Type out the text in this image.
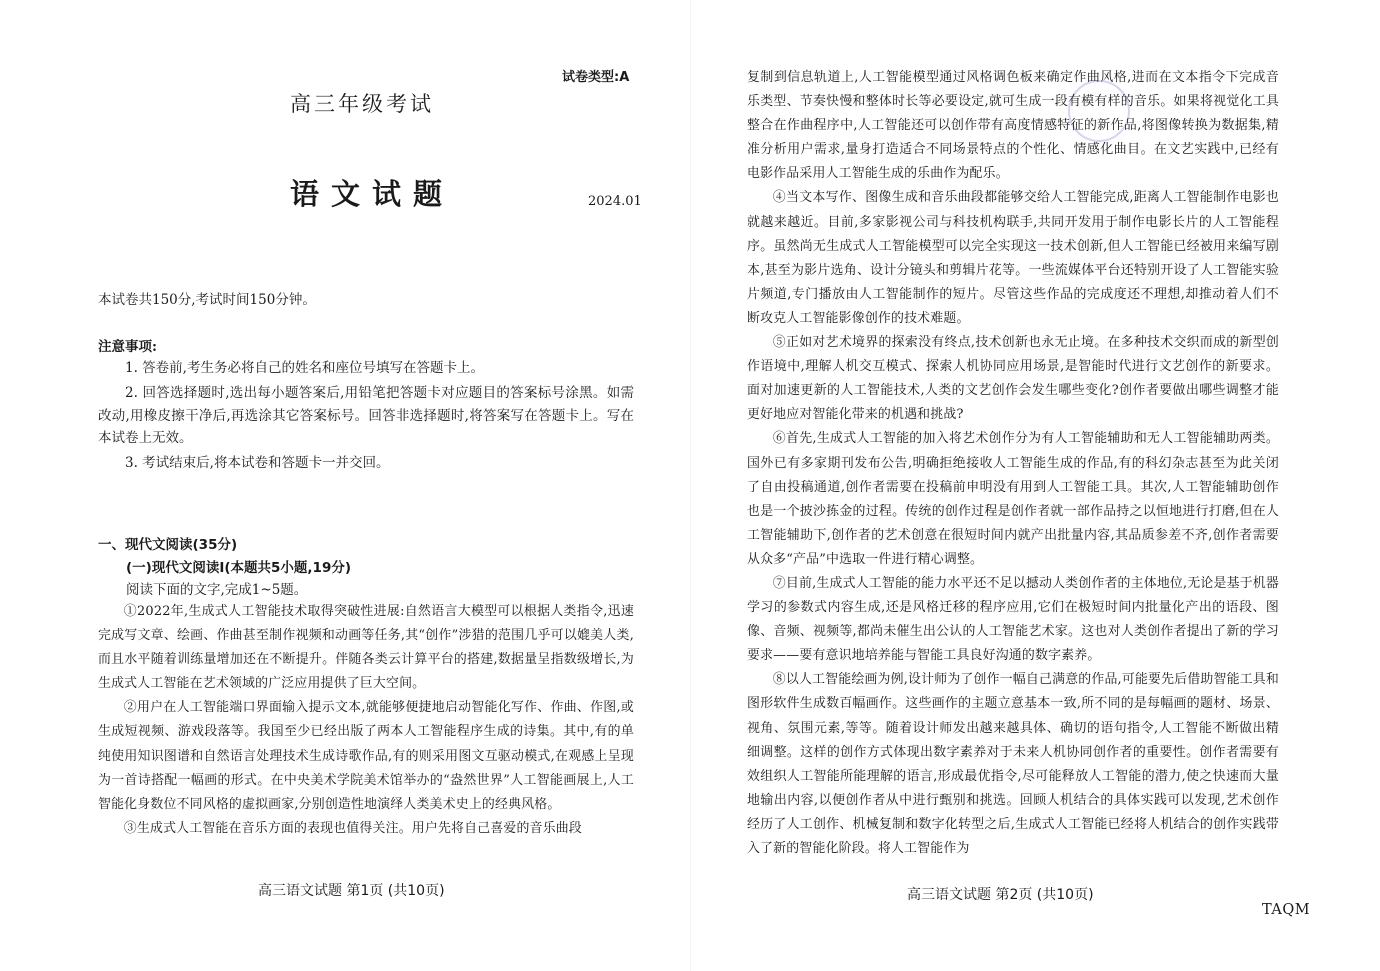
试卷类型:A

高三年级考试

语文试题	2024.01

本试卷共150分,考试时间150分钟。

注意事项:

1. 答卷前,考生务必将自己的姓名和座位号填写在答题卡上。

2. 回答选择题时,选出每小题答案后,用铅笔把答题卡对应题目的答案标号涂黑。如需改动,用橡皮擦干净后,再选涂其它答案标号。回答非选择题时,将答案写在答题卡上。写在本试卷上无效。

3. 考试结束后,将本试卷和答题卡一并交回。

一、现代文阅读(35分)

(一)现代文阅读Ⅰ(本题共5小题,19分)

阅读下面的文字,完成1~5题。

①2022年,生成式人工智能技术取得突破性进展:自然语言大模型可以根据人类指令,迅速完成写文章、绘画、作曲甚至制作视频和动画等任务,其“创作”涉猎的范围几乎可以媲美人类,而且水平随着训练量增加还在不断提升。伴随各类云计算平台的搭建,数据量呈指数级增长,为生成式人工智能在艺术领域的广泛应用提供了巨大空间。

②用户在人工智能端口界面输入提示文本,就能够便捷地启动智能化写作、作曲、作图,或生成短视频、游戏段落等。我国至少已经出版了两本人工智能程序生成的诗集。其中,有的单纯使用知识图谱和自然语言处理技术生成诗歌作品,有的则采用图文互驱动模式,在观感上呈现为一首诗搭配一幅画的形式。在中央美术学院美术馆举办的“盎然世界”人工智能画展上,人工智能化身数位不同风格的虚拟画家,分别创造性地演绎人类美术史上的经典风格。

③生成式人工智能在音乐方面的表现也值得关注。用户先将自己喜爱的音乐曲段

高三语文试题 第1页 (共10页)

复制到信息轨道上,人工智能模型通过风格调色板来确定作曲风格,进而在文本指令下完成音乐类型、节奏快慢和整体时长等必要设定,就可生成一段有模有样的音乐。如果将视觉化工具整合在作曲程序中,人工智能还可以创作带有高度情感特征的新作品,将图像转换为数据集,精准分析用户需求,量身打造适合不同场景特点的个性化、情感化曲目。在文艺实践中,已经有电影作品采用人工智能生成的乐曲作为配乐。

④当文本写作、图像生成和音乐曲段都能够交给人工智能完成,距离人工智能制作电影也就越来越近。目前,多家影视公司与科技机构联手,共同开发用于制作电影长片的人工智能程序。虽然尚无生成式人工智能模型可以完全实现这一技术创新,但人工智能已经被用来编写剧本,甚至为影片选角、设计分镜头和剪辑片花等。一些流媒体平台还特别开设了人工智能实验片频道,专门播放由人工智能制作的短片。尽管这些作品的完成度还不理想,却推动着人们不断攻克人工智能影像创作的技术难题。

⑤正如对艺术境界的探索没有终点,技术创新也永无止境。在多种技术交织而成的新型创作语境中,理解人机交互模式、探索人机协同应用场景,是智能时代进行文艺创作的新要求。面对加速更新的人工智能技术,人类的文艺创作会发生哪些变化?创作者要做出哪些调整才能更好地应对智能化带来的机遇和挑战?

⑥首先,生成式人工智能的加入将艺术创作分为有人工智能辅助和无人工智能辅助两类。国外已有多家期刊发布公告,明确拒绝接收人工智能生成的作品,有的科幻杂志甚至为此关闭了自由投稿通道,创作者需要在投稿前申明没有用到人工智能工具。其次,人工智能辅助创作也是一个披沙拣金的过程。传统的创作过程是创作者就一部作品持之以恒地进行打磨,但在人工智能辅助下,创作者的艺术创意在很短时间内就产出批量内容,其品质参差不齐,创作者需要从众多“产品”中选取一件进行精心调整。

⑦目前,生成式人工智能的能力水平还不足以撼动人类创作者的主体地位,无论是基于机器学习的参数式内容生成,还是风格迁移的程序应用,它们在极短时间内批量化产出的语段、图像、音频、视频等,都尚未催生出公认的人工智能艺术家。这也对人类创作者提出了新的学习要求——要有意识地培养能与智能工具良好沟通的数字素养。

⑧以人工智能绘画为例,设计师为了创作一幅自己满意的作品,可能要先后借助智能工具和图形软件生成数百幅画作。这些画作的主题立意基本一致,所不同的是每幅画的题材、场景、视角、氛围元素,等等。随着设计师发出越来越具体、确切的语句指令,人工智能不断做出精细调整。这样的创作方式体现出数字素养对于未来人机协同创作者的重要性。创作者需要有效组织人工智能所能理解的语言,形成最优指令,尽可能释放人工智能的潜力,使之快速而大量地输出内容,以便创作者从中进行甄别和挑选。回顾人机结合的具体实践可以发现,艺术创作经历了人工创作、机械复制和数字化转型之后,生成式人工智能已经将人机结合的创作实践带入了新的智能化阶段。将人工智能作为

高三语文试题 第2页 (共10页)

TAQM
